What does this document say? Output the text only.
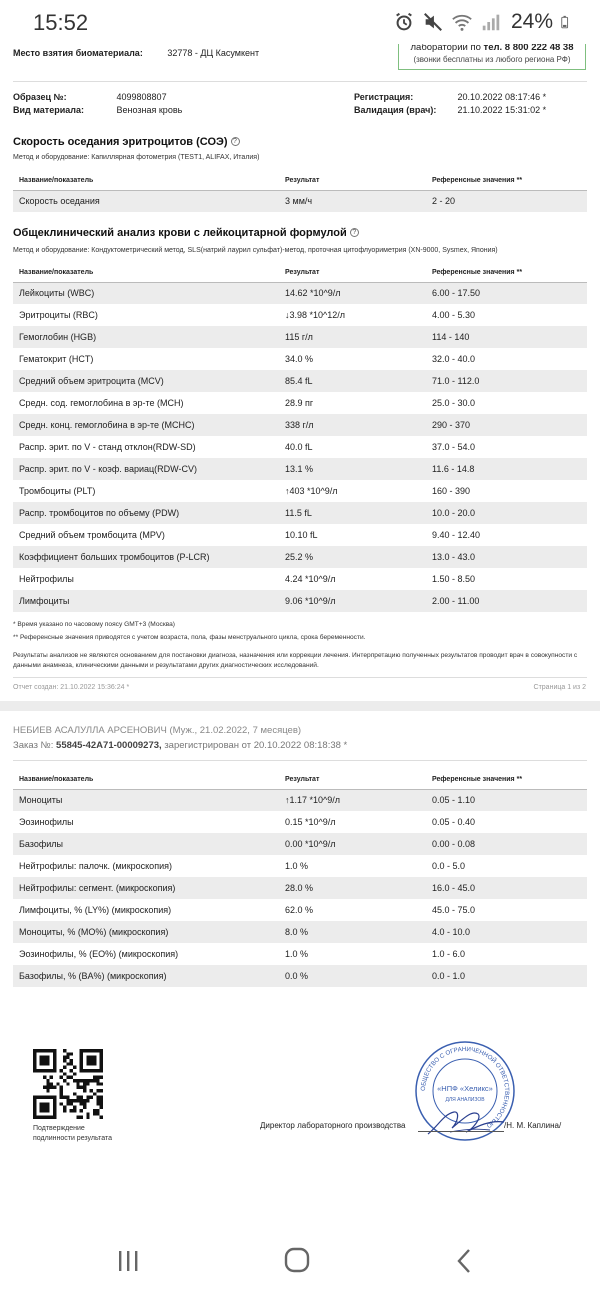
15:52	24%
Место взятия биоматериала:	32778 - ДЦ Касумкент	лаборатории по тел. 8 800 222 48 38
(звонки бесплатны из любого региона РФ)
Образец №:	4099808807
Вид материала:	Венозная кровь
Регистрация:	20.10.2022 08:17:46 *
Валидация (врач): 21.10.2022 15:31:02 *
Скорость оседания эритроцитов (СОЭ) ?
Метод и оборудование: Капиллярная фотометрия (TEST1, ALIFAX, Италия)
Название/показатель	Результат	Референсные значения **
Скорость оседания	3 мм/ч	2 - 20
Общеклинический анализ крови с лейкоцитарной формулой ?
Метод и оборудование: Кондуктометрический метод, SLS(натрий лаурил сульфат)-метод, проточная цитофлуориметрия (XN-9000, Sysmex, Япония)
Название/показатель	Результат	Референсные значения **
Лейкоциты (WBC)	14.62 *10^9/л	6.00 - 17.50
Эритроциты (RBC)	↓3.98 *10^12/л	4.00 - 5.30
Гемоглобин (HGB)	115 г/л	114 - 140
Гематокрит (HCT)	34.0 %	32.0 - 40.0
Средний объем эритроцита (MCV)	85.4 fL	71.0 - 112.0
Средн. сод. гемоглобина в эр-те (MCH)	28.9 пг	25.0 - 30.0
Средн. конц. гемоглобина в эр-те (MCHC)	338 г/л	290 - 370
Распр. эрит. по V - станд отклон(RDW-SD)	40.0 fL	37.0 - 54.0
Распр. эрит. по V - коэф. вариац(RDW-CV)	13.1 %	11.6 - 14.8
Тромбоциты (PLT)	↑403 *10^9/л	160 - 390
Распр. тромбоцитов по объему (PDW)	11.5 fL	10.0 - 20.0
Средний объем тромбоцита (MPV)	10.10 fL	9.40 - 12.40
Коэффициент больших тромбоцитов (P-LCR)	25.2 %	13.0 - 43.0
Нейтрофилы	4.24 *10^9/л	1.50 - 8.50
Лимфоциты	9.06 *10^9/л	2.00 - 11.00
* Время указано по часовому поясу GMT+3 (Москва)
** Референсные значения приводятся с учетом возраста, пола, фазы менструального цикла, срока беременности.
Результаты анализов не являются основанием для постановки диагноза, назначения или коррекции лечения. Интерпретацию полученных результатов проводит врач в совокупности с данными анамнеза, клиническими данными и результатами других диагностических исследований.
Отчет создан: 21.10.2022 15:36:24 *	Страница 1 из 2
НЕБИЕВ АСАЛУЛЛА АРСЕНОВИЧ (Муж., 21.02.2022, 7 месяцев)
Заказ №: 55845-42A71-00009273, зарегистрирован от 20.10.2022 08:18:38 *
Название/показатель	Результат	Референсные значения **
Моноциты	↑1.17 *10^9/л	0.05 - 1.10
Эозинофилы	0.15 *10^9/л	0.05 - 0.40
Базофилы	0.00 *10^9/л	0.00 - 0.08
Нейтрофилы: палочк. (микроскопия)	1.0 %	0.0 - 5.0
Нейтрофилы: сегмент. (микроскопия)	28.0 %	16.0 - 45.0
Лимфоциты, % (LY%) (микроскопия)	62.0 %	45.0 - 75.0
Моноциты, % (MO%) (микроскопия)	8.0 %	4.0 - 10.0
Эозинофилы, % (EO%) (микроскопия)	1.0 %	1.0 - 6.0
Базофилы, % (BA%) (микроскопия)	0.0 %	0.0 - 1.0
Подтверждение
подлинности результата
ОБЩЕСТВО С ОГРАНИЧЕННОЙ ОТВЕТСТВЕННОСТЬЮ
«НПФ «Хеликс»
ДЛЯ АНАЛИЗОВ
Директор лабораторного производства	/Н. М. Каплина/
